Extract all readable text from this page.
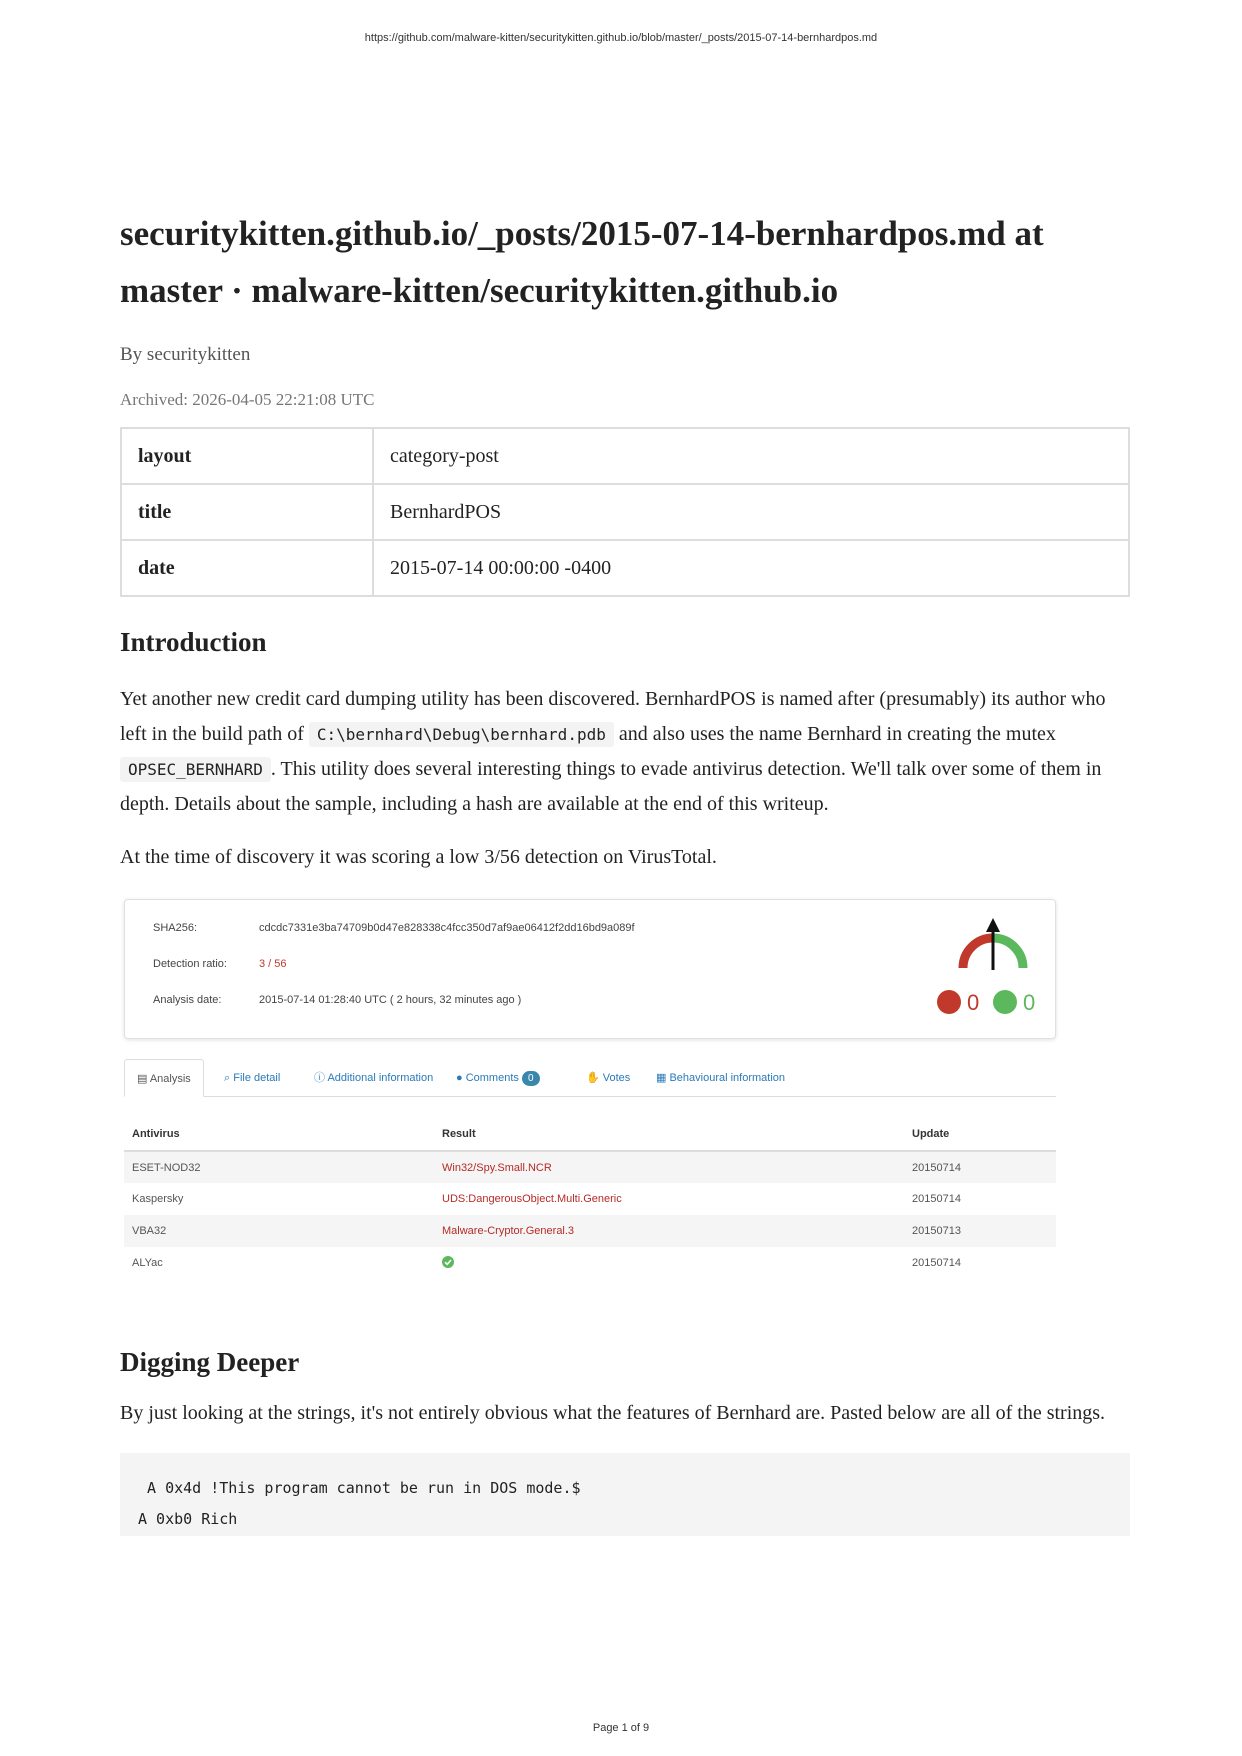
https://github.com/malware-kitten/securitykitten.github.io/blob/master/_posts/2015-07-14-bernhardpos.md
securitykitten.github.io/_posts/2015-07-14-bernhardpos.md at master · malware-kitten/securitykitten.github.io
By securitykitten
Archived: 2026-04-05 22:21:08 UTC
layout	category-post
title	BernhardPOS
date	2015-07-14 00:00:00 -0400
Introduction

Yet another new credit card dumping utility has been discovered. BernhardPOS is named after (presumably) its author who left in the build path of C:\bernhard\Debug\bernhard.pdb and also uses the name Bernhard in creating the mutex OPSEC_BERNHARD . This utility does several interesting things to evade antivirus detection. We'll talk over some of them in depth. Details about the sample, including a hash are available at the end of this writeup.

At the time of discovery it was scoring a low 3/56 detection on VirusTotal.

SHA256:	cdcdc7331e3ba74709b0d47e828338c4fcc350d7af9ae06412f2dd16bd9a089f
Detection ratio:	3 / 56
Analysis date:	2015-07-14 01:28:40 UTC ( 2 hours, 32 minutes ago )	0 0
▤ Analysis	⌕ File detail	ⓘ Additional information	● Comments 0	✋ Votes	▦ Behavioural information
Antivirus	Result	Update
ESET-NOD32	Win32/Spy.Small.NCR	20150714
Kaspersky	UDS:DangerousObject.Multi.Generic	20150714
VBA32	Malware-Cryptor.General.3	20150713
ALYac		20150714
Digging Deeper

By just looking at the strings, it's not entirely obvious what the features of Bernhard are. Pasted below are all of the strings.

A 0x4d !This program cannot be run in DOS mode.$
A 0xb0 Rich
Page 1 of 9
